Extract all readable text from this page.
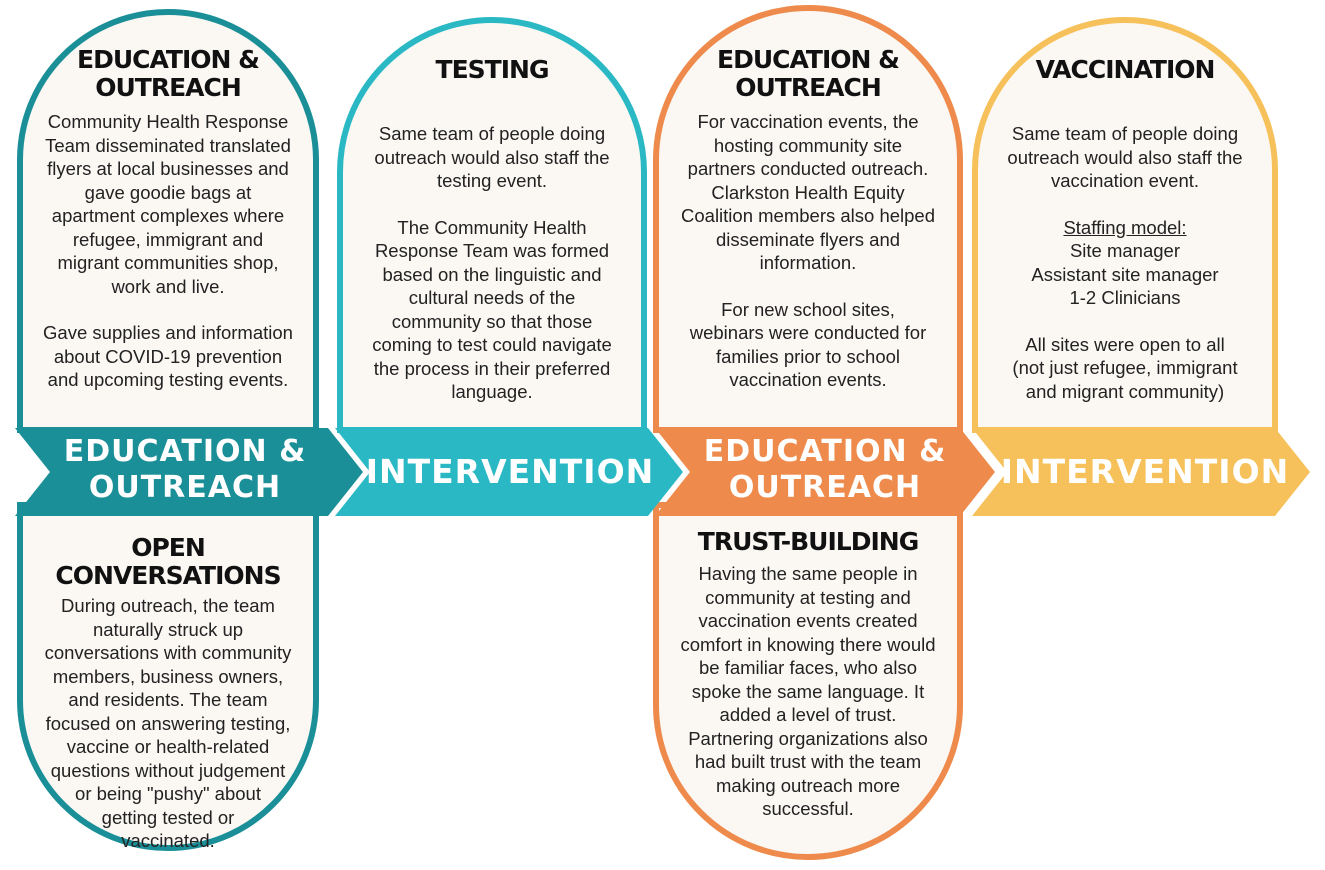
EDUCATION &
OUTREACH	INTERVENTION
EDUCATION &
OUTREACH	INTERVENTION
EDUCATION &
OUTREACH

Community Health Response

Team disseminated translated

flyers at local businesses and

gave goodie bags at

apartment complexes where

refugee, immigrant and

migrant communities shop,

work and live.

Gave supplies and information

about COVID-19 prevention

and upcoming testing events.

TESTING

Same team of people doing

outreach would also staff the

testing event.

The Community Health

Response Team was formed

based on the linguistic and

cultural needs of the

community so that those

coming to test could navigate

the process in their preferred

language.

EDUCATION &
OUTREACH

For vaccination events, the

hosting community site

partners conducted outreach.

Clarkston Health Equity

Coalition members also helped

disseminate flyers and

information.

For new school sites,

webinars were conducted for

families prior to school

vaccination events.

VACCINATION

Same team of people doing

outreach would also staff the

vaccination event.

Staffing model:

Site manager

Assistant site manager

1-2 Clinicians

All sites were open to all

(not just refugee, immigrant

and migrant community)

OPEN CONVERSATIONS

During outreach, the team

naturally struck up

conversations with community

members, business owners,

and residents. The team

focused on answering testing,

vaccine or health-related

questions without judgement

or being "pushy" about

getting tested or

vaccinated.

TRUST-BUILDING

Having the same people in

community at testing and

vaccination events created

comfort in knowing there would

be familiar faces, who also

spoke the same language. It

added a level of trust.

Partnering organizations also

had built trust with the team

making outreach more

successful.
